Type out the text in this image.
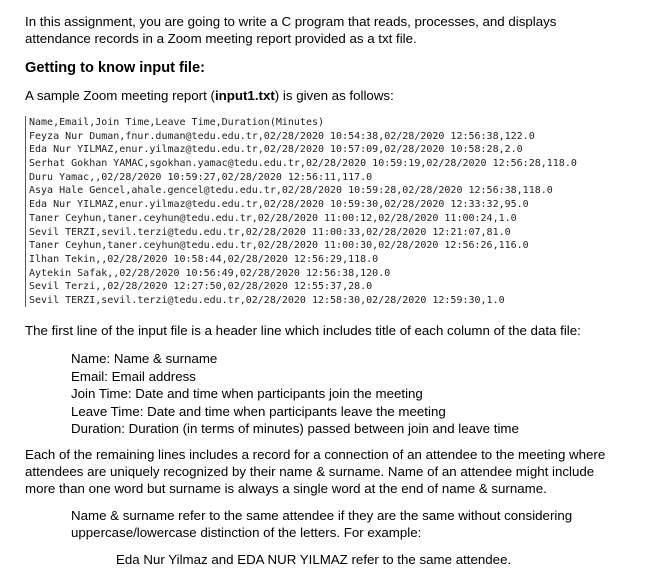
In this assignment, you are going to write a C program that reads, processes, and displays attendance records in a Zoom meeting report provided as a txt file.

Getting to know input file:

A sample Zoom meeting report (input1.txt) is given as follows:

Name,Email,Join Time,Leave Time,Duration(Minutes)
Feyza Nur Duman,fnur.duman@tedu.edu.tr,02/28/2020 10:54:38,02/28/2020 12:56:38,122.0
Eda Nur YILMAZ,enur.yilmaz@tedu.edu.tr,02/28/2020 10:57:09,02/28/2020 10:58:28,2.0
Serhat Gokhan YAMAC,sgokhan.yamac@tedu.edu.tr,02/28/2020 10:59:19,02/28/2020 12:56:28,118.0
Duru Yamac,,02/28/2020 10:59:27,02/28/2020 12:56:11,117.0
Asya Hale Gencel,ahale.gencel@tedu.edu.tr,02/28/2020 10:59:28,02/28/2020 12:56:38,118.0
Eda Nur YILMAZ,enur.yilmaz@tedu.edu.tr,02/28/2020 10:59:30,02/28/2020 12:33:32,95.0
Taner Ceyhun,taner.ceyhun@tedu.edu.tr,02/28/2020 11:00:12,02/28/2020 11:00:24,1.0
Sevil TERZI,sevil.terzi@tedu.edu.tr,02/28/2020 11:00:33,02/28/2020 12:21:07,81.0
Taner Ceyhun,taner.ceyhun@tedu.edu.tr,02/28/2020 11:00:30,02/28/2020 12:56:26,116.0
Ilhan Tekin,,02/28/2020 10:58:44,02/28/2020 12:56:29,118.0
Aytekin Safak,,02/28/2020 10:56:49,02/28/2020 12:56:38,120.0
Sevil Terzi,,02/28/2020 12:27:50,02/28/2020 12:55:37,28.0
Sevil TERZI,sevil.terzi@tedu.edu.tr,02/28/2020 12:58:30,02/28/2020 12:59:30,1.0

The first line of the input file is a header line which includes title of each column of the data file:

Name: Name & surname
Email: Email address
Join Time: Date and time when participants join the meeting
Leave Time: Date and time when participants leave the meeting
Duration: Duration (in terms of minutes) passed between join and leave time

Each of the remaining lines includes a record for a connection of an attendee to the meeting where attendees are uniquely recognized by their name & surname. Name of an attendee might include more than one word but surname is always a single word at the end of name & surname.

Name & surname refer to the same attendee if they are the same without considering uppercase/lowercase distinction of the letters. For example:

Eda Nur Yilmaz and EDA NUR YILMAZ refer to the same attendee.
